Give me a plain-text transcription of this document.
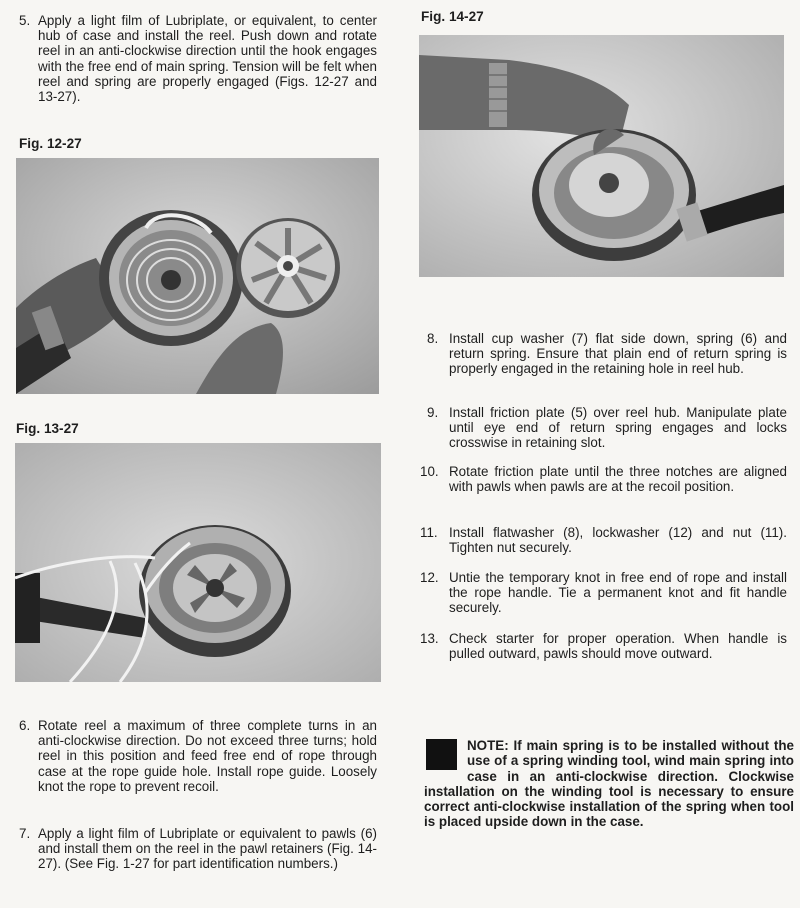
5. Apply a light film of Lubriplate, or equivalent, to center hub of case and install the reel. Push down and rotate reel in an anti-clockwise direction until the hook engages with the free end of main spring. Tension will be felt when reel and spring are properly engaged (Figs. 12-27 and 13-27).
Fig. 12-27
Fig. 13-27
6. Rotate reel a maximum of three complete turns in an anti-clockwise direction. Do not exceed three turns; hold reel in this position and feed free end of rope through case at the rope guide hole. Install rope guide. Loosely knot the rope to prevent recoil.
7. Apply a light film of Lubriplate or equivalent to pawls (6) and install them on the reel in the pawl retainers (Fig. 14-27). (See Fig. 1-27 for part identification numbers.)
Fig. 14-27
8. Install cup washer (7) flat side down, spring (6) and return spring. Ensure that plain end of return spring is properly engaged in the retaining hole in reel hub.
9. Install friction plate (5) over reel hub. Manipulate plate until eye end of return spring engages and locks crosswise in retaining slot.
10. Rotate friction plate until the three notches are aligned with pawls when pawls are at the recoil position.
11. Install flatwasher (8), lockwasher (12) and nut (11). Tighten nut securely.
12. Untie the temporary knot in free end of rope and install the rope handle. Tie a permanent knot and fit handle securely.
13. Check starter for proper operation. When handle is pulled outward, pawls should move outward.
NOTE: If main spring is to be installed without the use of a spring winding tool, wind main spring into case in an anti-clockwise direction. Clockwise installation on the winding tool is necessary to ensure correct anti-clockwise installation of the spring when tool is placed upside down in the case.
